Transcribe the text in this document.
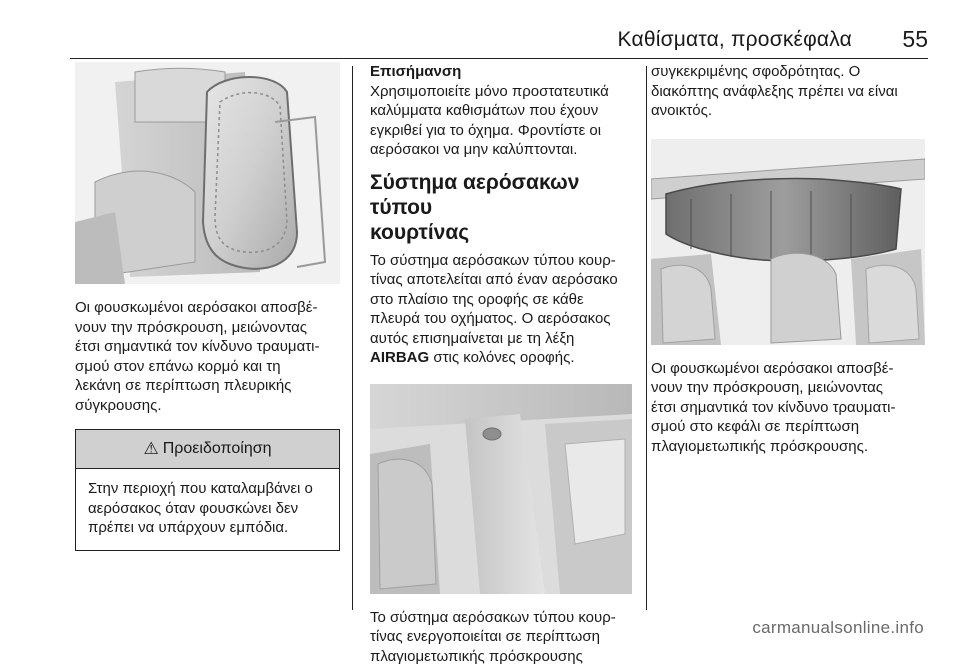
Καθίσματα, προσκέφαλα 55

Οι φουσκωμένοι αερόσακοι αποσβέ-
νουν την πρόσκρουση, μειώνοντας
έτσι σημαντικά τον κίνδυνο τραυματι-
σμού στον επάνω κορμό και τη
λεκάνη σε περίπτωση πλευρικής
σύγκρουσης.

⚠ Προειδοποίηση

Στην περιοχή που καταλαμβάνει ο
αερόσακος όταν φουσκώνει δεν
πρέπει να υπάρχουν εμπόδια.

Επισήμανση

Χρησιμοποιείτε μόνο προστατευτικά
καλύμματα καθισμάτων που έχουν
εγκριθεί για το όχημα. Φροντίστε οι
αερόσακοι να μην καλύπτονται.

Σύστημα αερόσακων τύπου
κουρτίνας

Το σύστημα αερόσακων τύπου κουρ-
τίνας αποτελείται από έναν αερόσακο
στο πλαίσιο της οροφής σε κάθε
πλευρά του οχήματος. Ο αερόσακος
αυτός επισημαίνεται με τη λέξη
AIRBAG στις κολόνες οροφής.

Το σύστημα αερόσακων τύπου κουρ-
τίνας ενεργοποιείται σε περίπτωση
πλαγιομετωπικής πρόσκρουσης

συγκεκριμένης σφοδρότητας. Ο
διακόπτης ανάφλεξης πρέπει να είναι
ανοικτός.

Οι φουσκωμένοι αερόσακοι αποσβέ-
νουν την πρόσκρουση, μειώνοντας
έτσι σημαντικά τον κίνδυνο τραυματι-
σμού στο κεφάλι σε περίπτωση
πλαγιομετωπικής πρόσκρουσης.

carmanualsonline.info
